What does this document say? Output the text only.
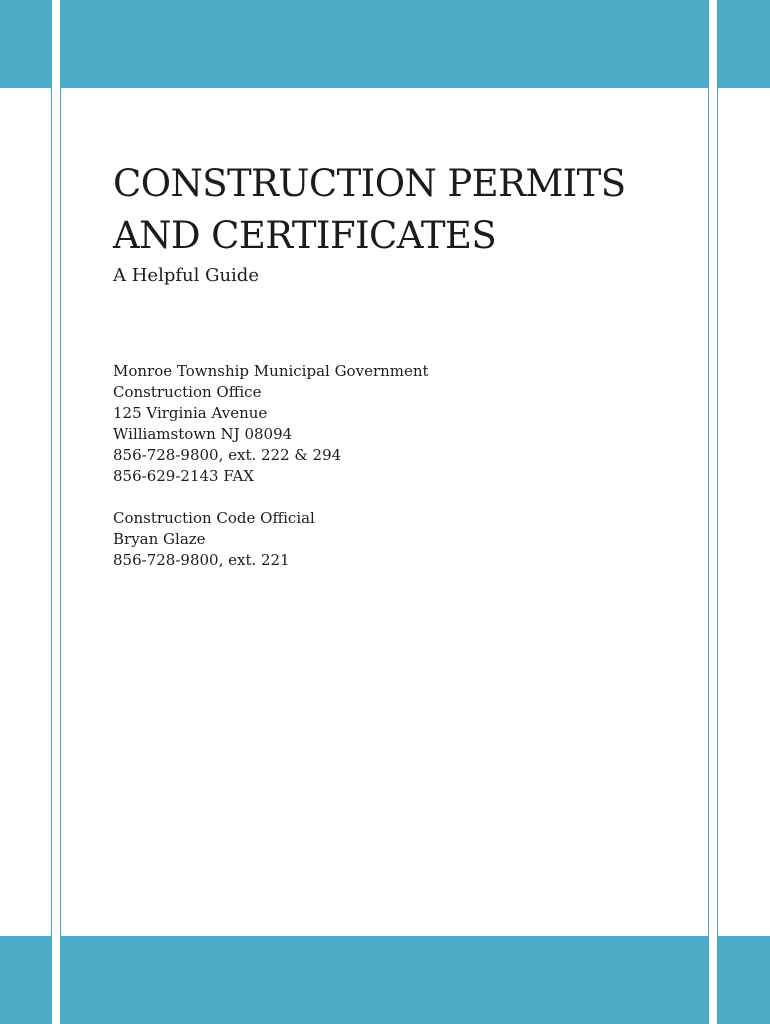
CONSTRUCTION PERMITS
AND CERTIFICATES

A Helpful Guide

Monroe Township Municipal Government
Construction Office
125 Virginia Avenue
Williamstown NJ 08094
856-728-9800, ext. 222 & 294
856-629-2143 FAX
Construction Code Official
Bryan Glaze
856-728-9800, ext. 221
